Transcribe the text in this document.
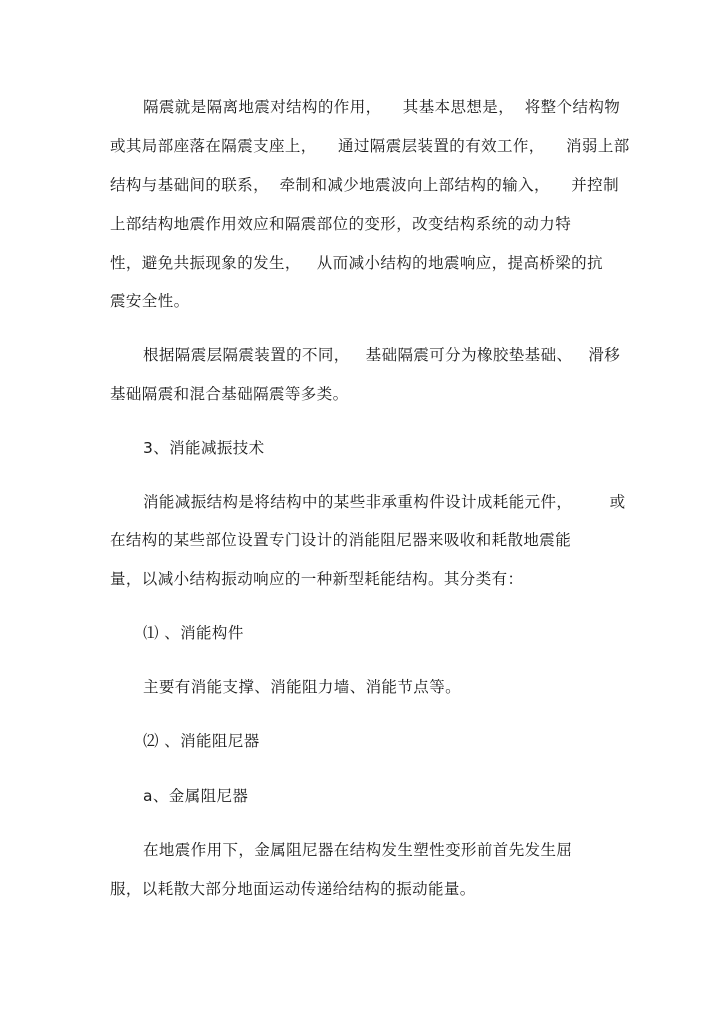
隔震就是隔离地震对结构的作用，    其基本思想是，  将整个结构物

或其局部座落在隔震支座上，    通过隔震层装置的有效工作，    消弱上部

结构与基础间的联系，  牵制和减少地震波向上部结构的输入，    并控制

上部结构地震作用效应和隔震部位的变形，改变结构系统的动力特

性，避免共振现象的发生，   从而减小结构的地震响应，提高桥梁的抗

震安全性。

根据隔震层隔震装置的不同，   基础隔震可分为橡胶垫基础、   滑移

基础隔震和混合基础隔震等多类。

3、消能减振技术

消能减振结构是将结构中的某些非承重构件设计成耗能元件，       或

在结构的某些部位设置专门设计的消能阻尼器来吸收和耗散地震能

量，以减小结构振动响应的一种新型耗能结构。其分类有：

⑴ 、消能构件

主要有消能支撑、消能阻力墙、消能节点等。

⑵ 、消能阻尼器

a、金属阻尼器

在地震作用下，金属阻尼器在结构发生塑性变形前首先发生屈

服，以耗散大部分地面运动传递给结构的振动能量。
